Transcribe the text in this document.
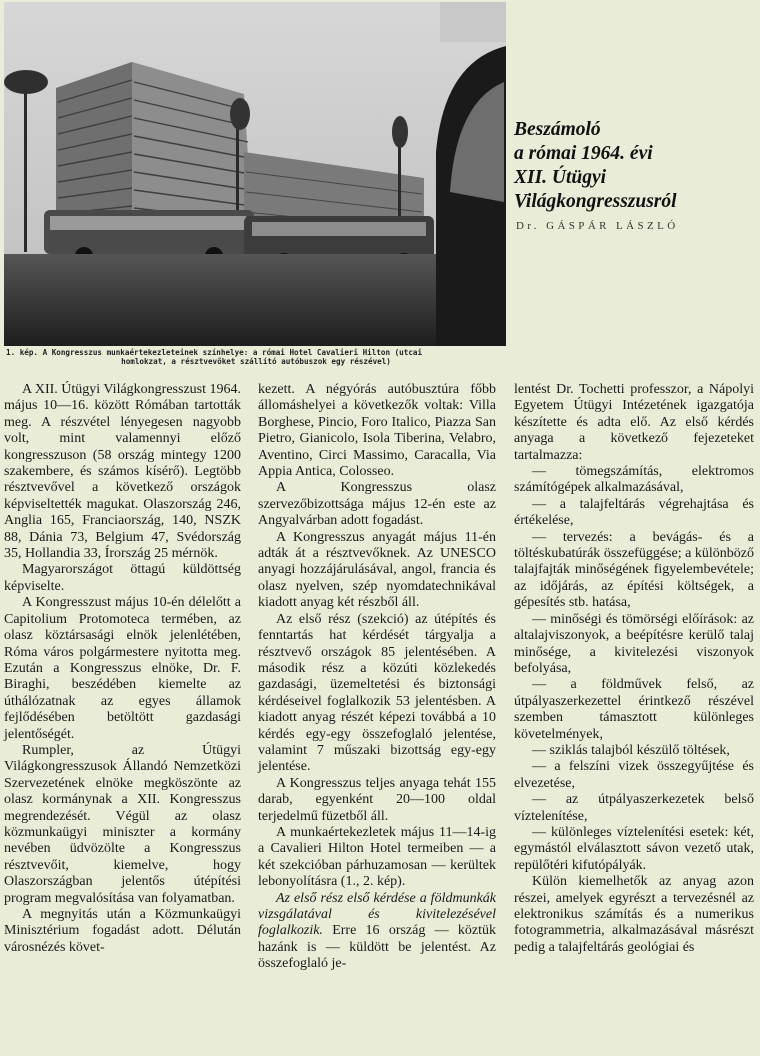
1. kép. A Kongresszus munkaértekezleteinek színhelye: a római Hotel Cavalieri Hilton (utcai
homlokzat, a résztvevőket szállító autóbuszok egy részével)
Beszámoló
a római 1964. évi
XII. Útügyi
Világkongresszusról
Dr. GÁSPÁR LÁSZLÓ

A XII. Útügyi Világkongresszust 1964. május 10—16. között Rómában tartották meg. A részvétel lényegesen nagyobb volt, mint valamennyi előző kongresszuson (58 ország mintegy 1200 szakembere, és számos kísérő). Legtöbb résztvevővel a következő országok képviseltették magukat. Olaszország 246, Anglia 165, Franciaország, 140, NSZK 88, Dánia 73, Belgium 47, Svédország 35, Hollandia 33, Írország 25 mérnök.

Magyarországot öttagú küldöttség képviselte.

A Kongresszust május 10-én délelőtt a Capitolium Protomoteca termében, az olasz köztársasági elnök jelenlétében, Róma város polgármestere nyitotta meg. Ezután a Kongresszus elnöke, Dr. F. Biraghi, beszédében kiemelte az úthálózatnak az egyes államok fejlődésében betöltött gazdasági jelentőségét.

Rumpler, az Útügyi Világkongresszusok Állandó Nemzetközi Szervezetének elnöke megköszönte az olasz kormánynak a XII. Kongresszus megrendezését. Végül az olasz közmunkaügyi miniszter a kormány nevében üdvözölte a Kongresszus résztvevőit, kiemelve, hogy Olaszországban jelentős útépítési program megvalósítása van folyamatban.

A megnyitás után a Közmunkaügyi Minisztérium fogadást adott. Délután városnézés követ-

kezett. A négyórás autóbusztúra főbb állomáshelyei a következők voltak: Villa Borghese, Pincio, Foro Italico, Piazza San Pietro, Gianicolo, Isola Tiberina, Velabro, Aventino, Circi Massimo, Caracalla, Via Appia Antica, Colosseo.

A Kongresszus olasz szervezőbizottsága május 12-én este az Angyalvárban adott fogadást.

A Kongresszus anyagát május 11-én adták át a résztvevőknek. Az UNESCO anyagi hozzájárulásával, angol, francia és olasz nyelven, szép nyomdatechnikával kiadott anyag két részből áll.

Az első rész (szekció) az útépítés és fenntartás hat kérdését tárgyalja a résztvevő országok 85 jelentésében. A második rész a közúti közlekedés gazdasági, üzemeltetési és biztonsági kérdéseivel foglalkozik 53 jelentésben. A kiadott anyag részét képezi továbbá a 10 kérdés egy-egy összefoglaló jelentése, valamint 7 műszaki bizottság egy-egy jelentése.

A Kongresszus teljes anyaga tehát 155 darab, egyenként 20—100 oldal terjedelmű füzetből áll.

A munkaértekezletek május 11—14-ig a Cavalieri Hilton Hotel termeiben — a két szekcióban párhuzamosan — kerültek lebonyolításra (1., 2. kép).

Az első rész első kérdése a földmunkák vizsgálatával és kivitelezésével foglalkozik. Erre 16 ország — köztük hazánk is — küldött be jelentést. Az összefoglaló je-

lentést Dr. Tochetti professzor, a Nápolyi Egyetem Útügyi Intézetének igazgatója készítette és adta elő. Az első kérdés anyaga a következő fejezeteket tartalmazza:

— tömegszámítás, elektromos számítógépek alkalmazásával,

— a talajfeltárás végrehajtása és értékelése,

— tervezés: a bevágás- és a töltéskubatúrák összefüggése; a különböző talajfajták minőségének figyelembevétele; az időjárás, az építési költségek, a gépesítés stb. hatása,

— minőségi és tömörségi előírások: az altalajviszonyok, a beépítésre kerülő talaj minősége, a kivitelezési viszonyok befolyása,

— a földművek felső, az útpályaszerkezettel érintkező részével szemben támasztott különleges követelmények,

— sziklás talajból készülő töltések,

— a felszíni vizek összegyűjtése és elvezetése,

— az útpályaszerkezetek belső víztelenítése,

— különleges víztelenítési esetek: két, egymástól elválasztott sávon vezető utak, repülőtéri kifutópályák.

Külön kiemelhetők az anyag azon részei, amelyek egyrészt a tervezésnél az elektronikus számítás és a numerikus fotogrammetria, alkalmazásával másrészt pedig a talajfeltárás geológiai és
